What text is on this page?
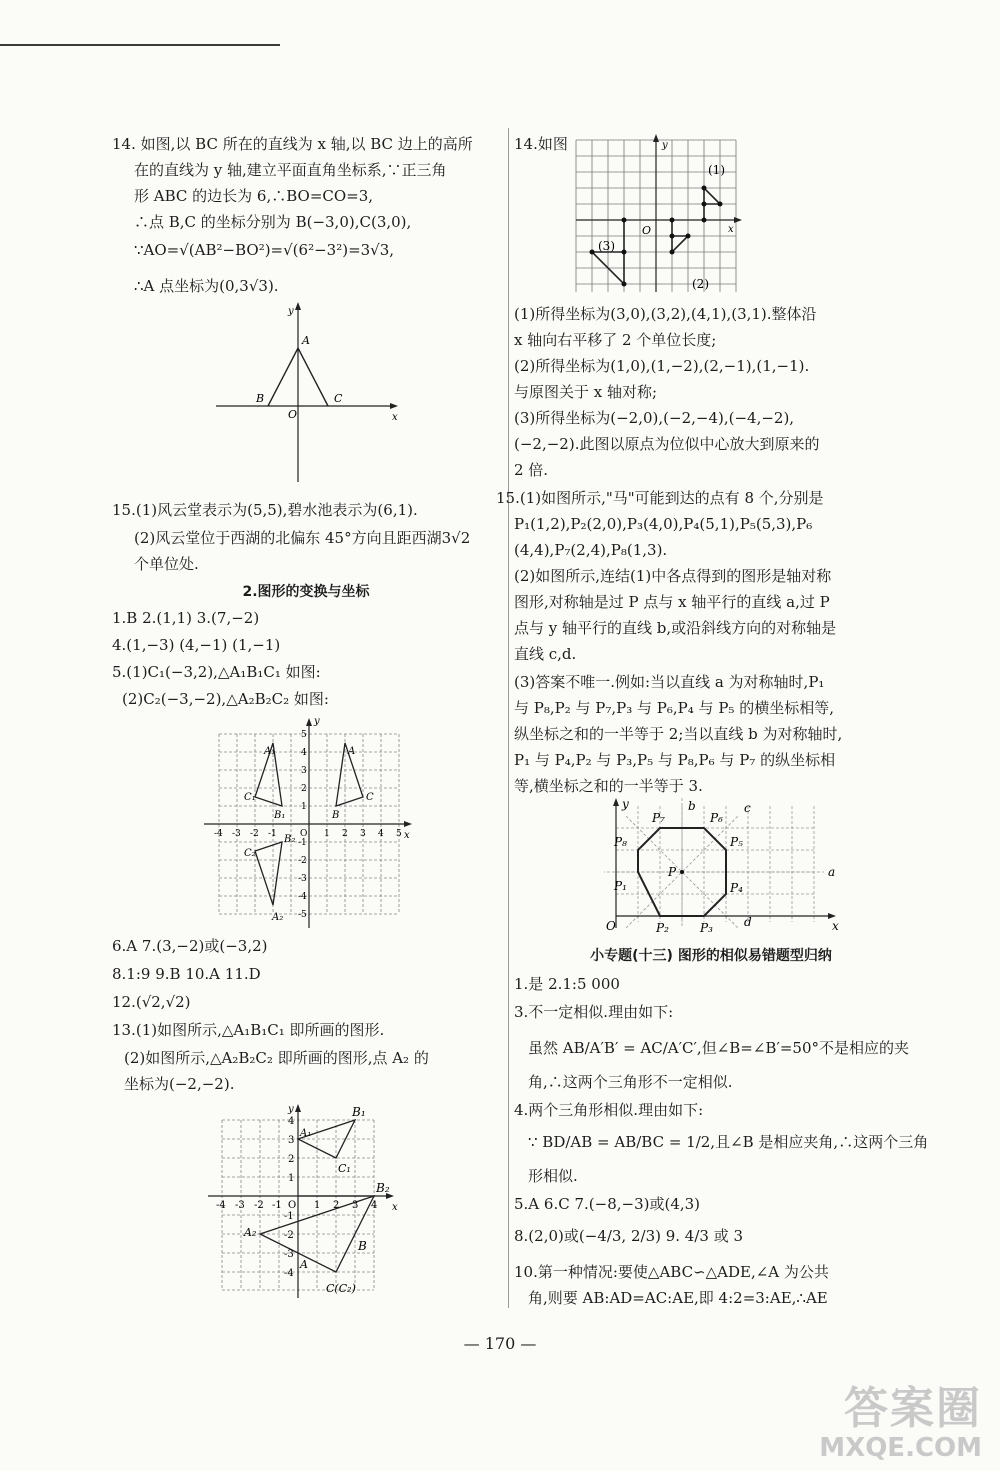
14. 如图,以 BC 所在的直线为 x 轴,以 BC 边上的高所
在的直线为 y 轴,建立平面直角坐标系,∵正三角
形 ABC 的边长为 6,∴BO=CO=3,
∴点 B,C 的坐标分别为 B(−3,0),C(3,0),
∵AO=√(AB²−BO²)=√(6²−3²)=3√3,
∴A 点坐标为(0,3√3).
A
B	C
O	x
y
15.(1)风云堂表示为(5,5),碧水池表示为(6,1).
(2)风云堂位于西湖的北偏东 45°方向且距西湖3√2
个单位处.
2.图形的变换与坐标
1.B 2.(1,1) 3.(7,−2)
4.(1,−3) (4,−1) (1,−1)
5.(1)C₁(−3,2),△A₁B₁C₁ 如图:
(2)C₂(−3,−2),△A₂B₂C₂ 如图:
A₁
B₁
C₁
A
B
C
A₂
B₂
C₂
-4 -3 -2 -1	O 1 2 3 4 5
5
4
3
2
1
-1
-2
-3
-4
-5
x
y
6.A 7.(3,−2)或(−3,2)
8.1:9 9.B 10.A 11.D
12.(√2,√2)
13.(1)如图所示,△A₁B₁C₁ 即所画的图形.
(2)如图所示,△A₂B₂C₂ 即所画的图形,点 A₂ 的
坐标为(−2,−2).
B₁
A₁
C₁
B₂
A₂
B
A
C(C₂)
-4 -3 -2 -1 O 1 2 3 4
4
3
2
1
-1
-2
-3
-4
x
y
14.如图
(1)
(2)
(3)
O	x
y
(1)所得坐标为(3,0),(3,2),(4,1),(3,1).整体沿
x 轴向右平移了 2 个单位长度;
(2)所得坐标为(1,0),(1,−2),(2,−1),(1,−1).
与原图关于 x 轴对称;
(3)所得坐标为(−2,0),(−2,−4),(−4,−2),
(−2,−2).此图以原点为位似中心放大到原来的
2 倍.
15.(1)如图所示,"马"可能到达的点有 8 个,分别是
P₁(1,2),P₂(2,0),P₃(4,0),P₄(5,1),P₅(5,3),P₆
(4,4),P₇(2,4),P₈(1,3).
(2)如图所示,连结(1)中各点得到的图形是轴对称
图形,对称轴是过 P 点与 x 轴平行的直线 a,过 P
点与 y 轴平行的直线 b,或沿斜线方向的对称轴是
直线 c,d.
(3)答案不唯一.例如:当以直线 a 为对称轴时,P₁
与 P₈,P₂ 与 P₇,P₃ 与 P₆,P₄ 与 P₅ 的横坐标相等,
纵坐标之和的一半等于 2;当以直线 b 为对称轴时,
P₁ 与 P₄,P₂ 与 P₃,P₅ 与 P₈,P₆ 与 P₇ 的纵坐标相
等,横坐标之和的一半等于 3.
P₁
P₂	P₃
P₄
P₅
P₆
P₇
P₈
P	a
b	c
d
O	x
y
小专题(十三) 图形的相似易错题型归纳
1.是 2.1:5 000
3.不一定相似.理由如下:
虽然 AB/A′B′ = AC/A′C′,但∠B=∠B′=50°不是相应的夹
角,∴这两个三角形不一定相似.
4.两个三角形相似.理由如下:
∵ BD/AB = AB/BC = 1/2,且∠B 是相应夹角,∴这两个三角
形相似.
5.A 6.C 7.(−8,−3)或(4,3)
8.(2,0)或(−4/3, 2/3) 9. 4/3 或 3
10.第一种情况:要使△ABC∽△ADE,∠A 为公共
角,则要 AB:AD=AC:AE,即 4:2=3:AE,∴AE
— 170 —
答案圈
MXQE.COM
